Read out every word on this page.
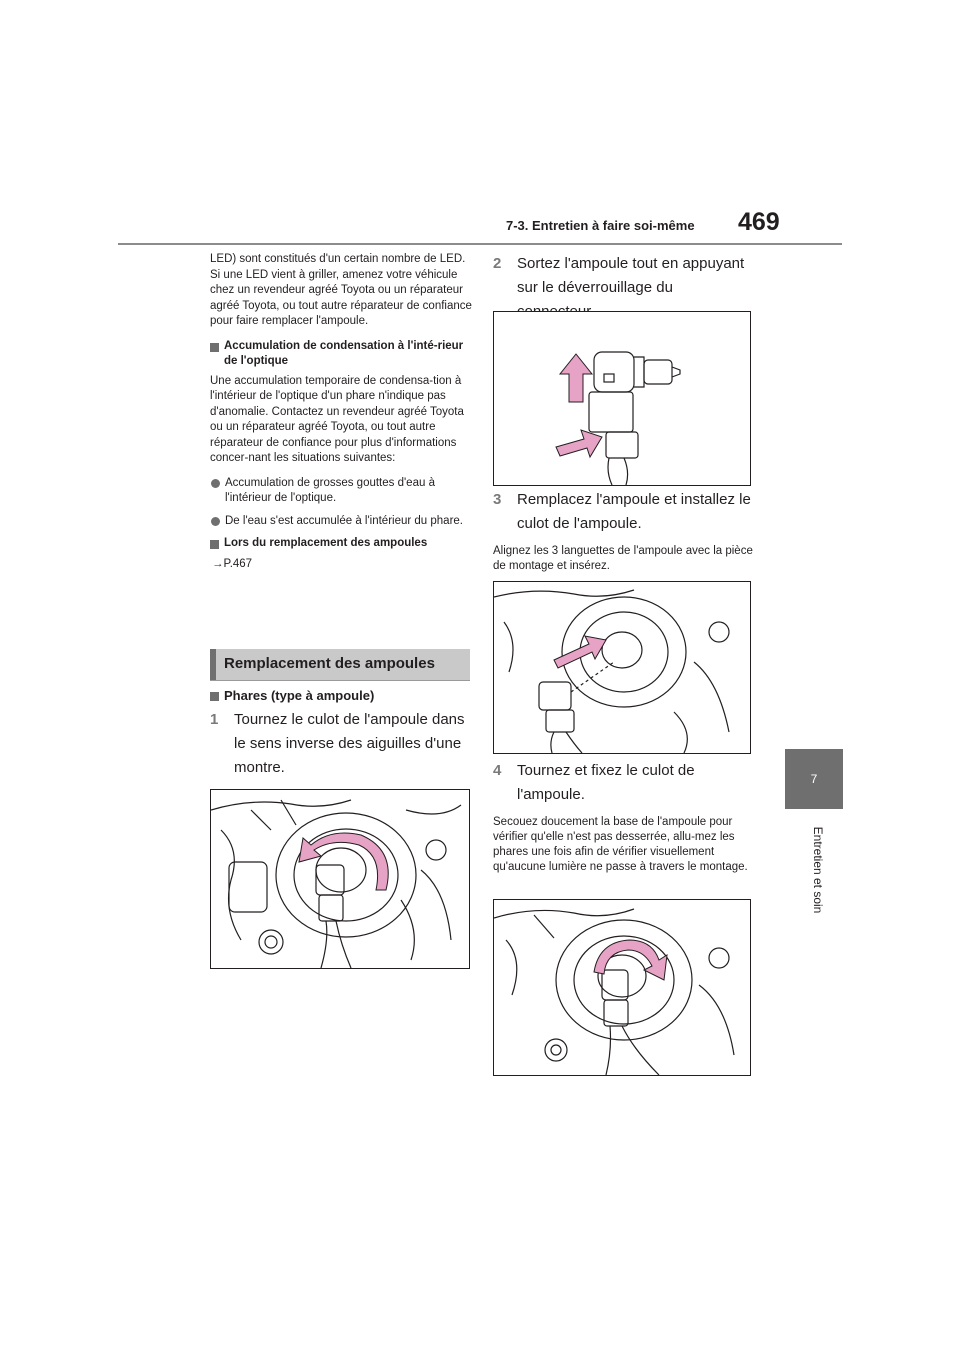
7-3. Entretien à faire soi-même 469
7
Entretien et soin

LED) sont constitués d'un certain nombre de LED. Si une LED vient à griller, amenez votre véhicule chez un revendeur agréé Toyota ou un réparateur agréé Toyota, ou tout autre réparateur de confiance pour faire remplacer l'ampoule.

Accumulation de condensation à l'inté-rieur de l'optique

Une accumulation temporaire de condensa-tion à l'intérieur de l'optique d'un phare n'indique pas d'anomalie. Contactez un revendeur agréé Toyota ou un réparateur agréé Toyota, ou tout autre réparateur de confiance pour plus d'informations concer-nant les situations suivantes:

Accumulation de grosses gouttes d'eau à l'intérieur de l'optique.
De l'eau s'est accumulée à l'intérieur du phare.
Lors du remplacement des ampoules
→P.467
Remplacement des ampoules
Phares (type à ampoule)
1 Tournez le culot de l'ampoule dans le sens inverse des aiguilles d'une montre.
2 Sortez l'ampoule tout en appuyant sur le déverrouillage du
3 Remplacez l'ampoule et installez le culot de l'ampoule.

Alignez les 3 languettes de l'ampoule avec la pièce de montage et insérez.

4 Tournez et fixez le culot de l'ampoule.

Secouez doucement la base de l'ampoule pour vérifier qu'elle n'est pas desserrée, allu-mez les phares une fois afin de vérifier visuellement qu'aucune lumière ne passe à travers le montage.
